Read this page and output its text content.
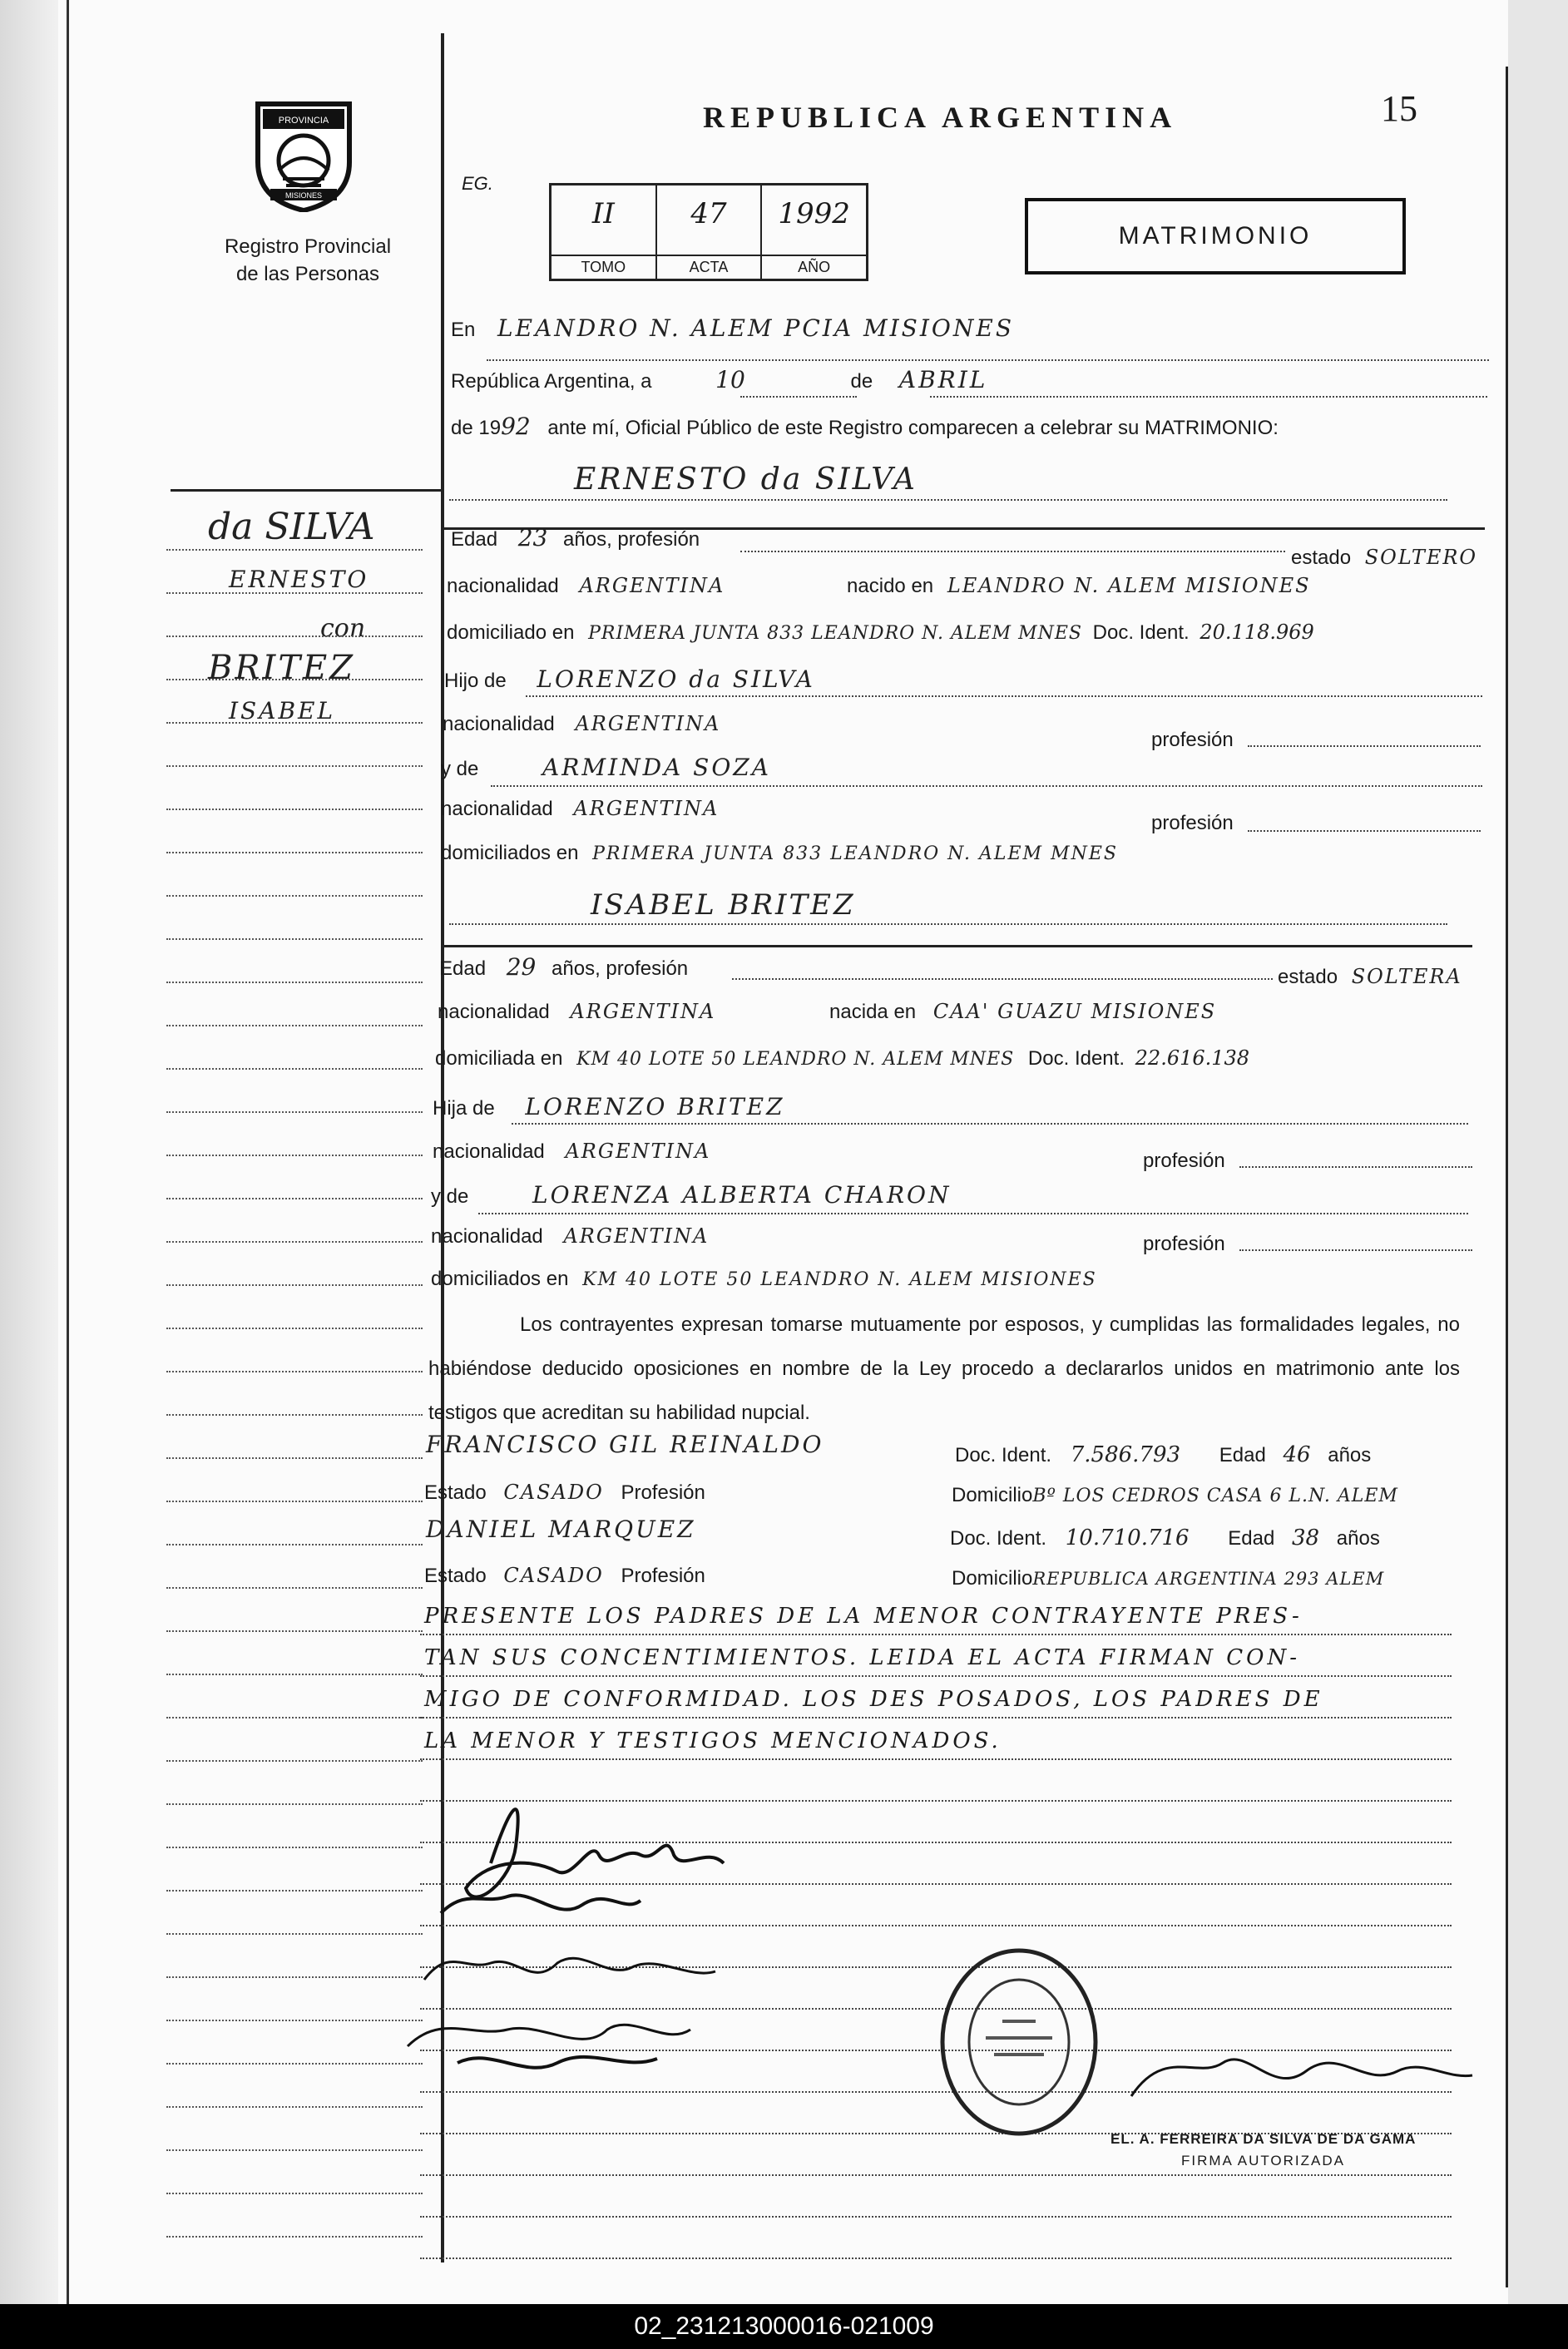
PROVINCIA
MISIONES
Registro Provincial
de las Personas
REPUBLICA ARGENTINA	15
EG.
II
TOMO
47
ACTA
1992
AÑO
MATRIMONIO
da SILVA
ERNESTO
con
BRITEZ
ISABEL
En LEANDRO N. ALEM PCIA MISIONES
República Argentina, a	10	de ABRIL
de 1992 ante mí, Oficial Público de este Registro comparecen a celebrar su MATRIMONIO:
ERNESTO da SILVA
Edad 23 años, profesión
estado SOLTERO
nacionalidad ARGENTINA	nacido en LEANDRO N. ALEM MISIONES
domiciliado en PRIMERA JUNTA 833 LEANDRO N. ALEM MNES Doc. Ident. 20.118.969
Hijo de LORENZO da SILVA
nacionalidad ARGENTINA
profesión
y de	ARMINDA SOZA
nacionalidad ARGENTINA
profesión
domiciliados en PRIMERA JUNTA 833 LEANDRO N. ALEM MNES
ISABEL BRITEZ
Edad 29 años, profesión	estado SOLTERA
nacionalidad ARGENTINA	nacida en CAA' GUAZU MISIONES
domiciliada en KM 40 LOTE 50 LEANDRO N. ALEM MNES Doc. Ident. 22.616.138
Hija de LORENZO BRITEZ
nacionalidad ARGENTINA	profesión
y de	LORENZA ALBERTA CHARON
nacionalidad ARGENTINA	profesión
domiciliados en KM 40 LOTE 50 LEANDRO N. ALEM MISIONES
Los contrayentes expresan tomarse mutuamente por esposos, y cumplidas las formalidades legales, no habiéndose deducido oposiciones en nombre de la Ley procedo a declararlos unidos en matrimonio ante los testigos que acreditan su habilidad nupcial.
FRANCISCO GIL REINALDO	Doc. Ident. 7.586.793 Edad 46 años
Estado CASADO Profesión	DomicilioBº LOS CEDROS CASA 6 L.N. ALEM
DANIEL MARQUEZ	Doc. Ident. 10.710.716 Edad 38 años
Estado CASADO Profesión	DomicilioREPUBLICA ARGENTINA 293 ALEM
PRESENTE LOS PADRES DE LA MENOR CONTRAYENTE PRES-
TAN SUS CONCENTIMIENTOS. LEIDA EL ACTA FIRMAN CON-
MIGO DE CONFORMIDAD. LOS DES POSADOS, LOS PADRES DE
LA MENOR Y TESTIGOS MENCIONADOS.
EL. A. FERREIRA DA SILVA DE DA GAMA
FIRMA AUTORIZADA
02_231213000016-021009
